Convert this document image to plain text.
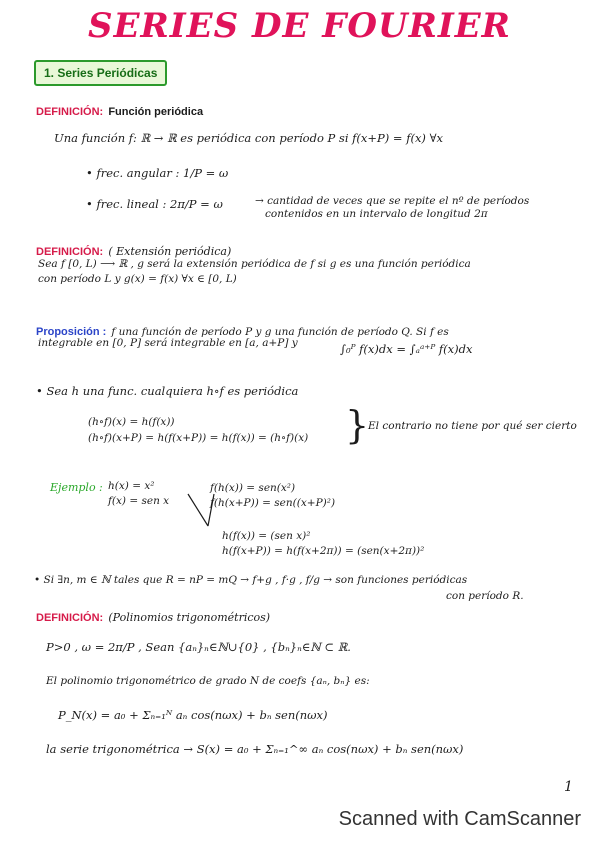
SERIES DE FOURIER
1. Series Periódicas
DEFINICIÓN: Función periódica
Una función f: ℝ → ℝ es periódica con período P si f(x+P) = f(x) ∀x
• frec. angular : 1/P = ω
• frec. lineal : 2π/P = ω	→ cantidad de veces que se repite el nº de períodos
contenidos en un intervalo de longitud 2π
DEFINICIÓN: ( Extensión periódica)
Sea f [0, L) ⟶ ℝ , g será la extensión periódica de f si g es una función periódica
con período L y g(x) = f(x) ∀x ∈ [0, L)
Proposición : f una función de período P y g una función de período Q. Si f es
integrable en [0, P] será integrable en [a, a+P] y	∫₀ᴾ f(x)dx = ∫ₐᵃ⁺ᴾ f(x)dx
• Sea h una func. cualquiera h∘f es periódica
(h∘f)(x) = h(f(x))
(h∘f)(x+P) = h(f(x+P)) = h(f(x)) = (h∘f)(x) }
El contrario no tiene por qué ser cierto
Ejemplo : h(x) = x²
f(x) = sen x
f(h(x)) = sen(x²)
f(h(x+P)) = sen((x+P)²)
h(f(x)) = (sen x)²
h(f(x+P)) = h(f(x+2π)) = (sen(x+2π))²
• Si ∃n, m ∈ ℕ tales que R = nP = mQ → f+g , f·g , f/g → son funciones periódicas
con período R.
DEFINICIÓN: (Polinomios trigonométricos)
P>0 , ω = 2π/P , Sean {aₙ}ₙ∈ℕ∪{0} , {bₙ}ₙ∈ℕ ⊂ ℝ.
El polinomio trigonométrico de grado N de coefs {aₙ, bₙ} es:
P_N(x) = a₀ + Σₙ₌₁ᴺ aₙ cos(nωx) + bₙ sen(nωx)
la serie trigonométrica → S(x) = a₀ + Σₙ₌₁^∞ aₙ cos(nωx) + bₙ sen(nωx)
1
Scanned with CamScanner
